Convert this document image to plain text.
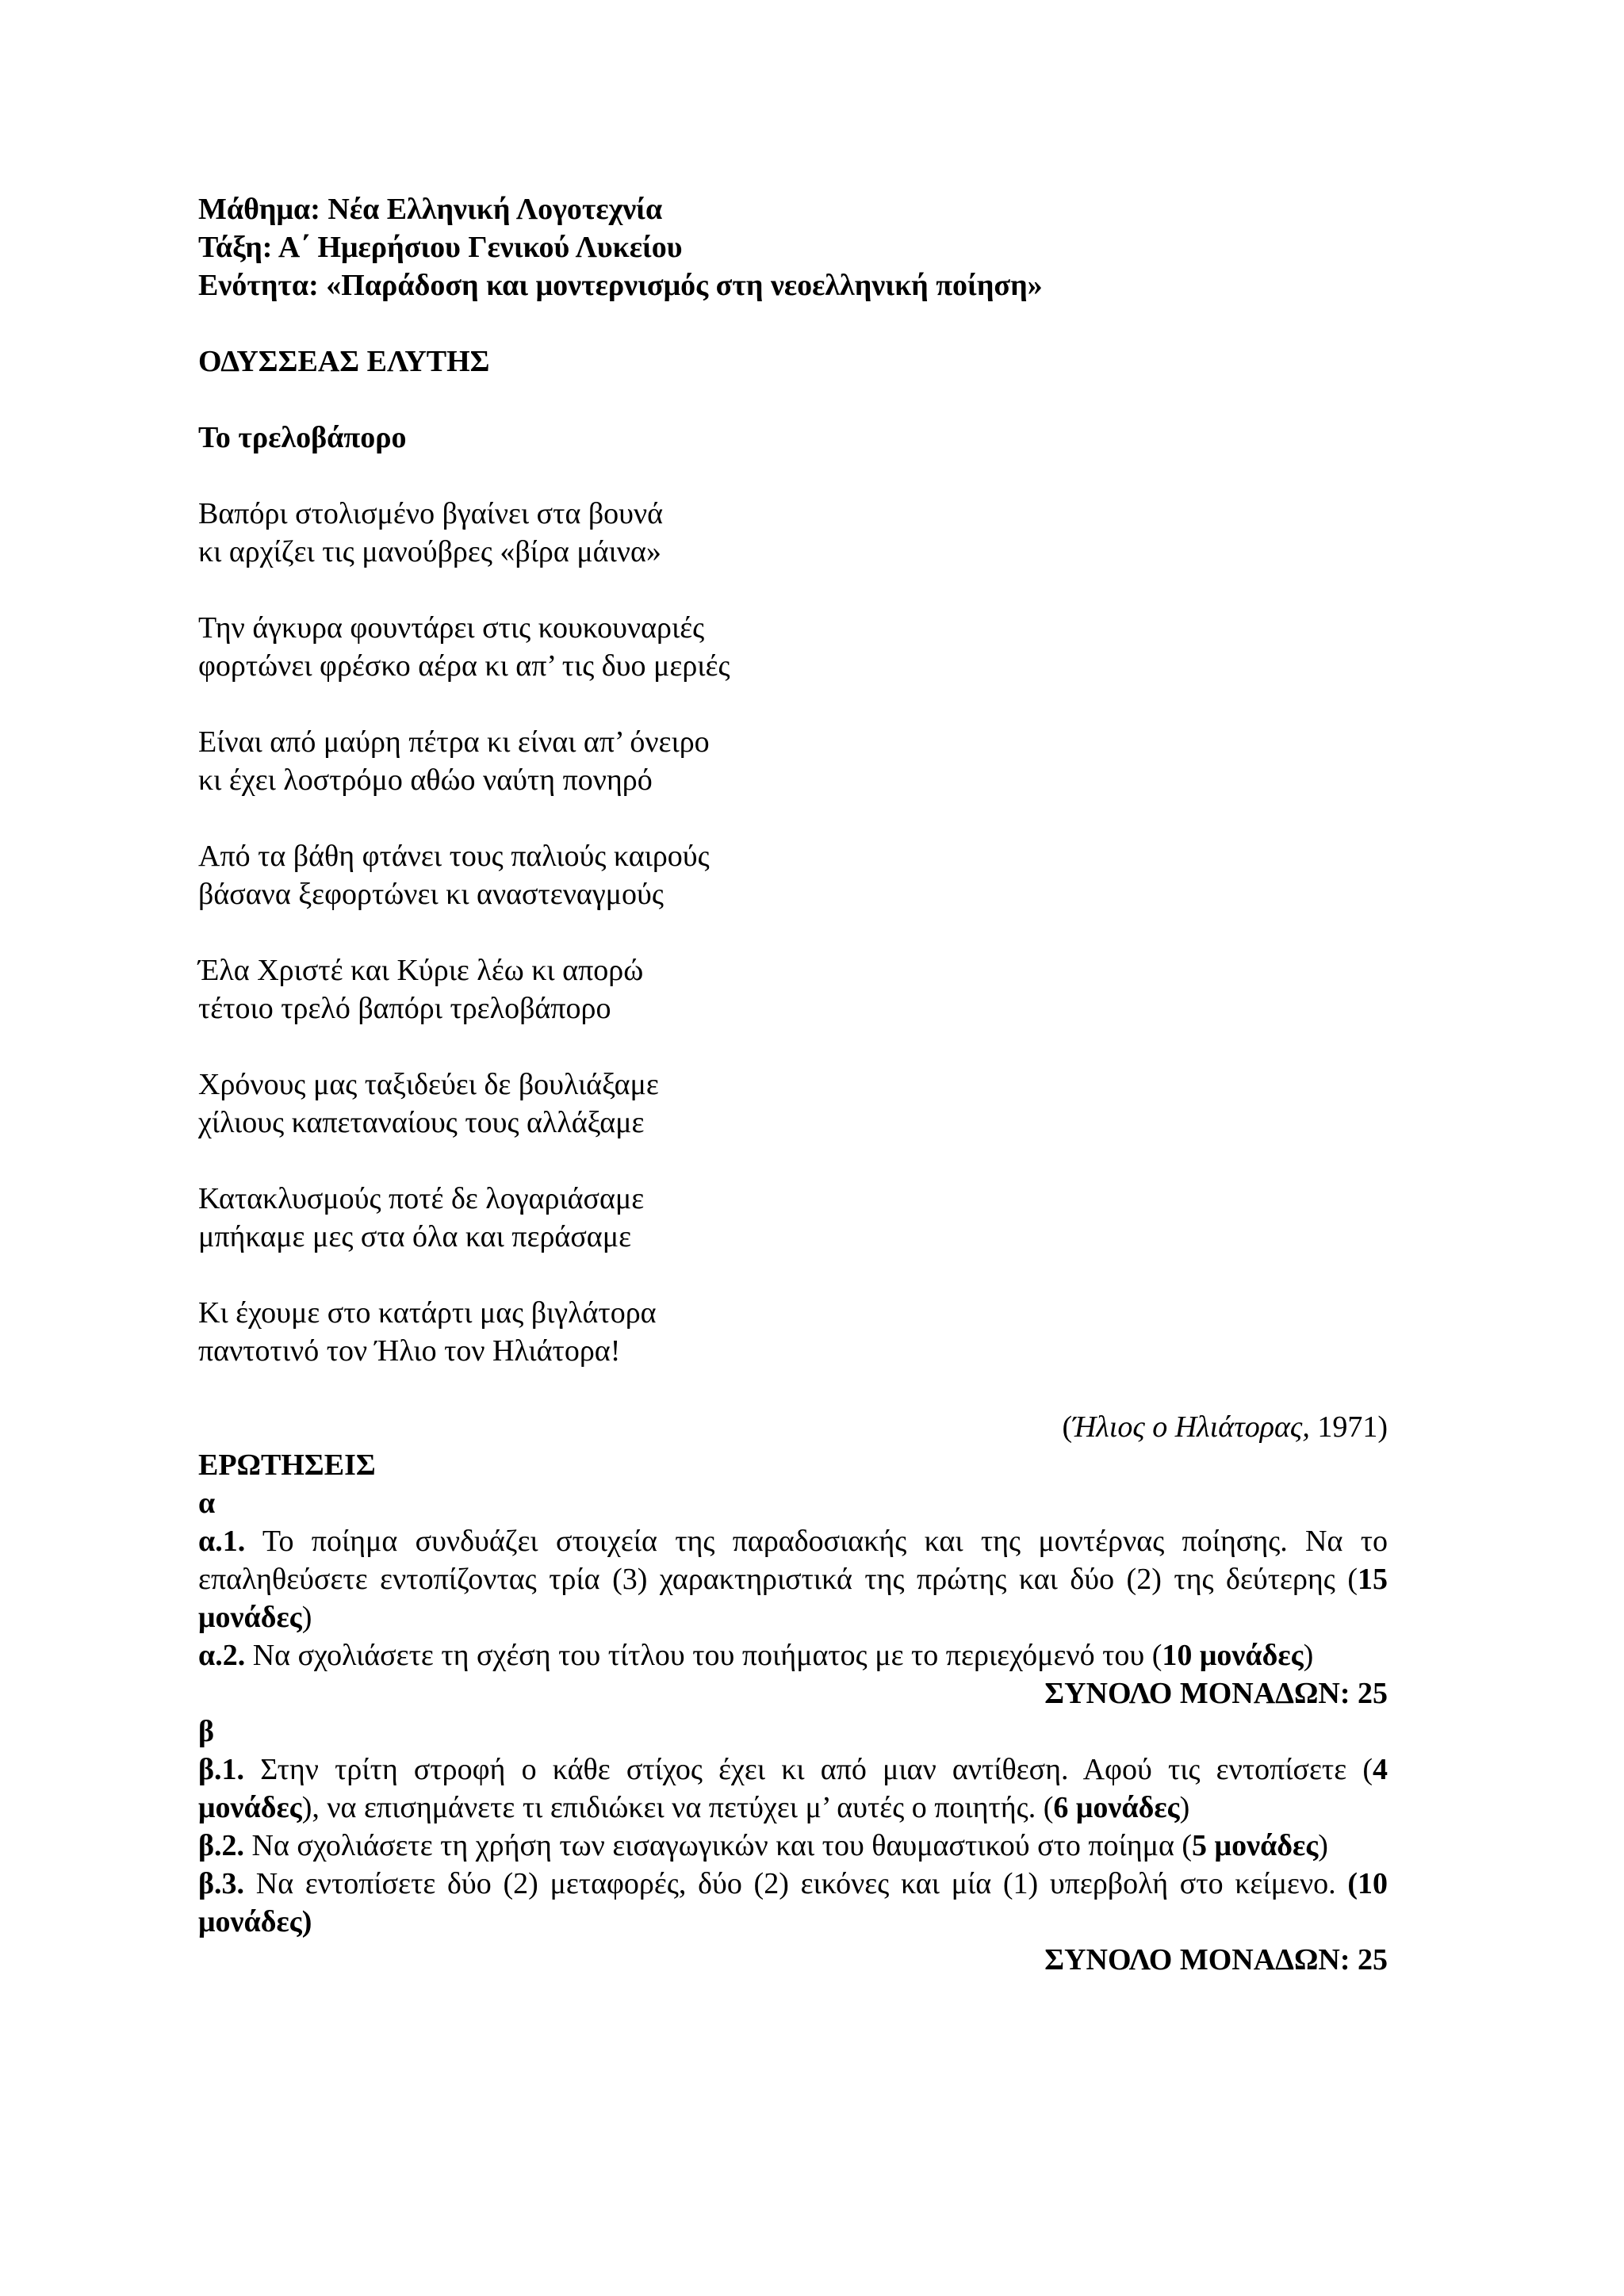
Μάθημα: Νέα Ελληνική Λογοτεχνία
Τάξη: Α΄ Ημερήσιου Γενικού Λυκείου
Ενότητα: «Παράδοση και μοντερνισμός στη νεοελληνική ποίηση»
ΟΔΥΣΣΕΑΣ ΕΛΥΤΗΣ
Το τρελοβάπορο
Βαπόρι στολισμένο βγαίνει στα βουνά
κι αρχίζει τις μανούβρες «βίρα μάινα»
Την άγκυρα φουντάρει στις κουκουναριές
φορτώνει φρέσκο αέρα κι απ’ τις δυο μεριές
Είναι από μαύρη πέτρα κι είναι απ’ όνειρο
κι έχει λοστρόμο αθώο ναύτη πονηρό
Από τα βάθη φτάνει τους παλιούς καιρούς
βάσανα ξεφορτώνει κι αναστεναγμούς
Έλα Χριστέ και Κύριε λέω κι απορώ
τέτοιο τρελό βαπόρι τρελοβάπορο
Χρόνους μας ταξιδεύει δε βουλιάξαμε
χίλιους καπεταναίους τους αλλάξαμε
Κατακλυσμούς ποτέ δε λογαριάσαμε
μπήκαμε μες στα όλα και περάσαμε
Κι έχουμε στο κατάρτι μας βιγλάτορα
παντοτινό τον Ήλιο τον Ηλιάτορα!
(Ήλιος ο Ηλιάτορας, 1971)
ΕΡΩΤΗΣΕΙΣ
α
α.1. Το ποίημα συνδυάζει στοιχεία της παραδοσιακής και της μοντέρνας ποίησης. Να το επαληθεύσετε εντοπίζοντας τρία (3) χαρακτηριστικά της πρώτης και δύο (2) της δεύτερης (15 μονάδες)
α.2. Να σχολιάσετε τη σχέση του τίτλου του ποιήματος με το περιεχόμενό του (10 μονάδες)
ΣΥΝΟΛΟ ΜΟΝΑΔΩΝ: 25
β
β.1. Στην τρίτη στροφή ο κάθε στίχος έχει κι από μιαν αντίθεση. Αφού τις εντοπίσετε (4 μονάδες), να επισημάνετε τι επιδιώκει να πετύχει μ’ αυτές ο ποιητής. (6 μονάδες)
β.2. Να σχολιάσετε τη χρήση των εισαγωγικών και του θαυμαστικού στο ποίημα (5 μονάδες)
β.3. Να εντοπίσετε δύο (2) μεταφορές, δύο (2) εικόνες και μία (1) υπερβολή στο κείμενο. (10 μονάδες)
ΣΥΝΟΛΟ ΜΟΝΑΔΩΝ: 25
